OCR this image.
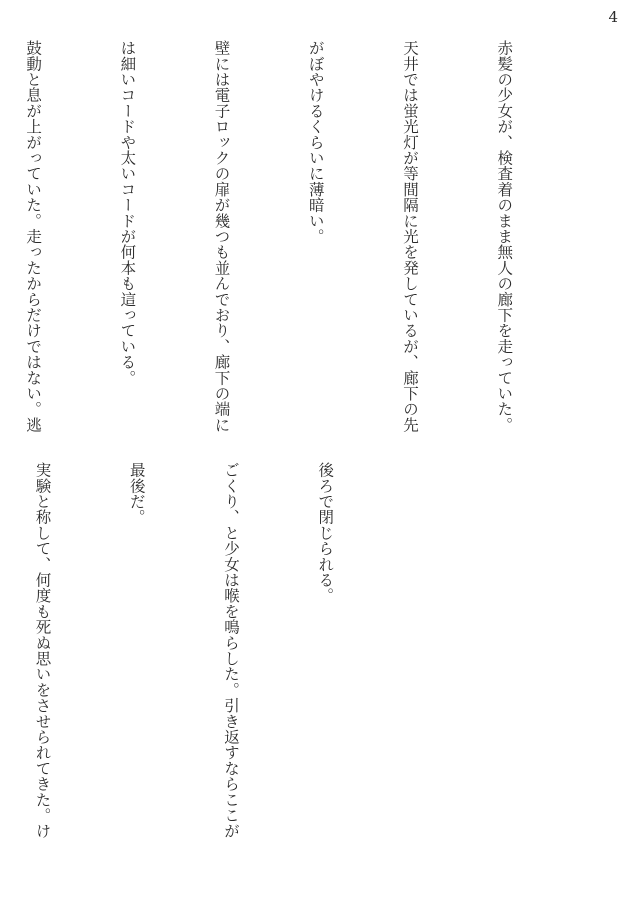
4

赤髪の少女が、検査着のまま無人の廊下を走っていた。

天井では蛍光灯が等間隔に光を発しているが、廊下の先

がぼやけるくらいに薄暗い。

壁には電子ロックの扉が幾つも並んでおり、廊下の端に

は細いコードや太いコードが何本も這っている。

鼓動と息が上がっていた。走ったからだけではない。逃

後ろで閉じられる。

ごくり、と少女は喉を鳴らした。引き返すならここが

最後だ。

実験と称して、何度も死ぬ思いをさせられてきた。け
